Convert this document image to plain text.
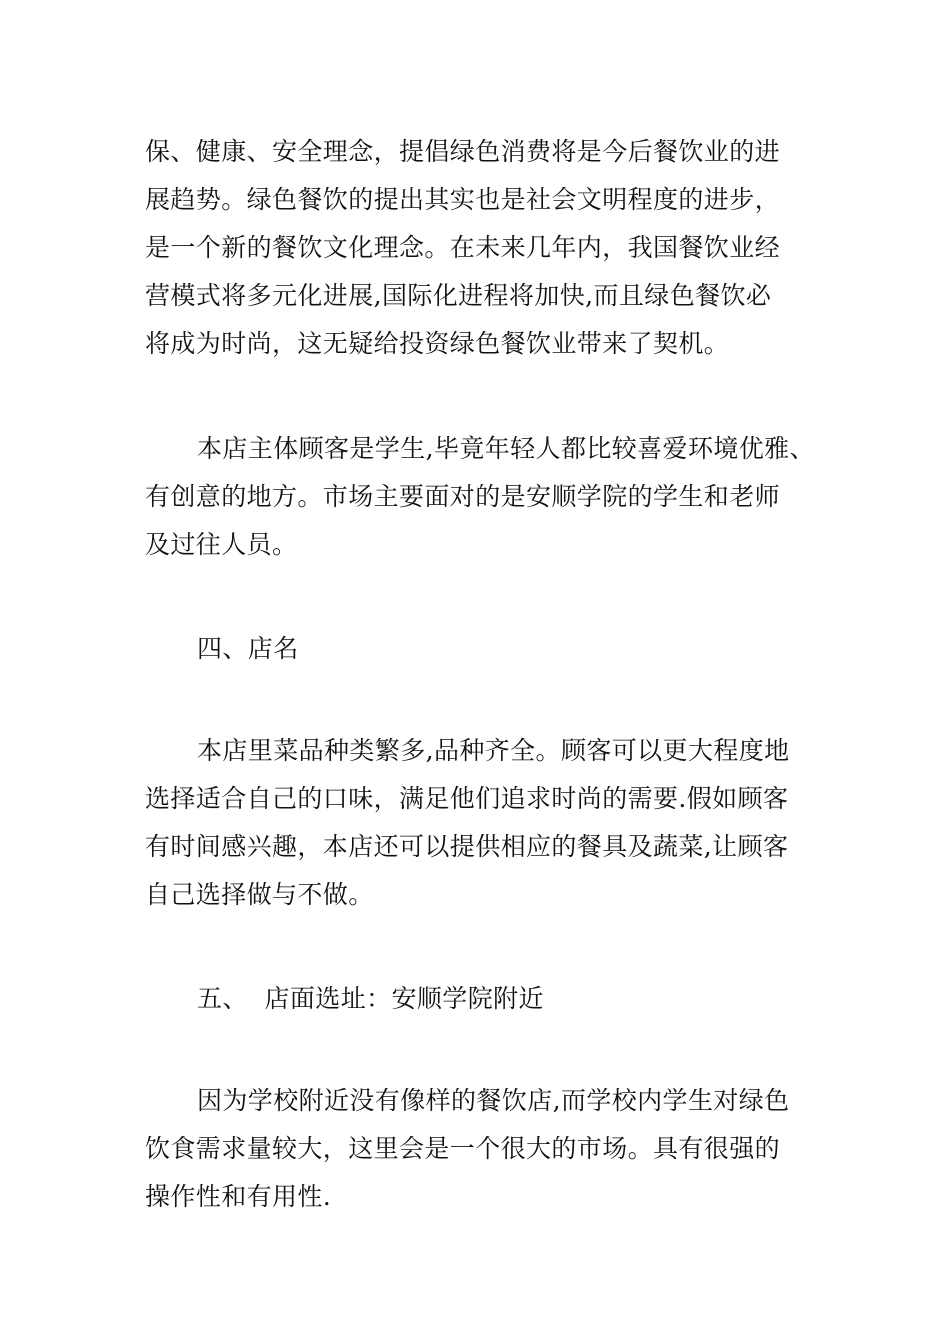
保、健康、安全理念，提倡绿色消费将是今后餐饮业的进
展趋势。绿色餐饮的提出其实也是社会文明程度的进步，
是一个新的餐饮文化理念。在未来几年内，我国餐饮业经
营模式将多元化进展,国际化进程将加快,而且绿色餐饮必
将成为时尚，这无疑给投资绿色餐饮业带来了契机。
本店主体顾客是学生,毕竟年轻人都比较喜爱环境优雅、
有创意的地方。市场主要面对的是安顺学院的学生和老师
及过往人员。
四、店名
本店里菜品种类繁多,品种齐全。顾客可以更大程度地
选择适合自己的口味，满足他们追求时尚的需要.假如顾客
有时间感兴趣，本店还可以提供相应的餐具及蔬菜,让顾客
自己选择做与不做。
五、  店面选址：安顺学院附近
因为学校附近没有像样的餐饮店,而学校内学生对绿色
饮食需求量较大，这里会是一个很大的市场。具有很强的
操作性和有用性.
